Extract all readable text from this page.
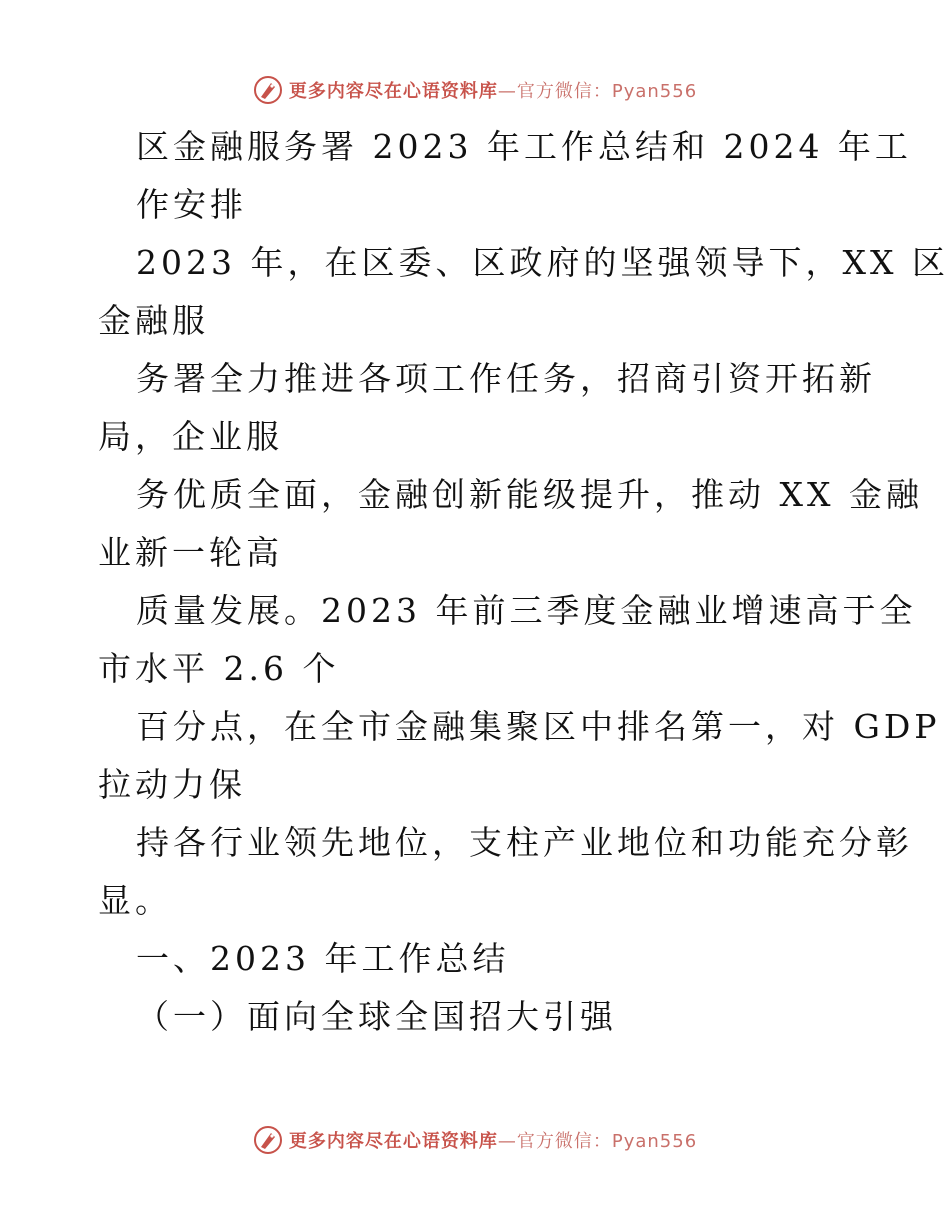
更多内容尽在心语资料库—官方微信：Pyan556
区金融服务署 2023 年工作总结和 2024 年工
作安排
2023 年，在区委、区政府的坚强领导下，XX 区
金融服
务署全力推进各项工作任务，招商引资开拓新
局，企业服
务优质全面，金融创新能级提升，推动 XX 金融
业新一轮高
质量发展。2023 年前三季度金融业增速高于全
市水平 2.6 个
百分点，在全市金融集聚区中排名第一，对 GDP
拉动力保
持各行业领先地位，支柱产业地位和功能充分彰
显。
一、2023 年工作总结
（一）面向全球全国招大引强
更多内容尽在心语资料库—官方微信：Pyan556
